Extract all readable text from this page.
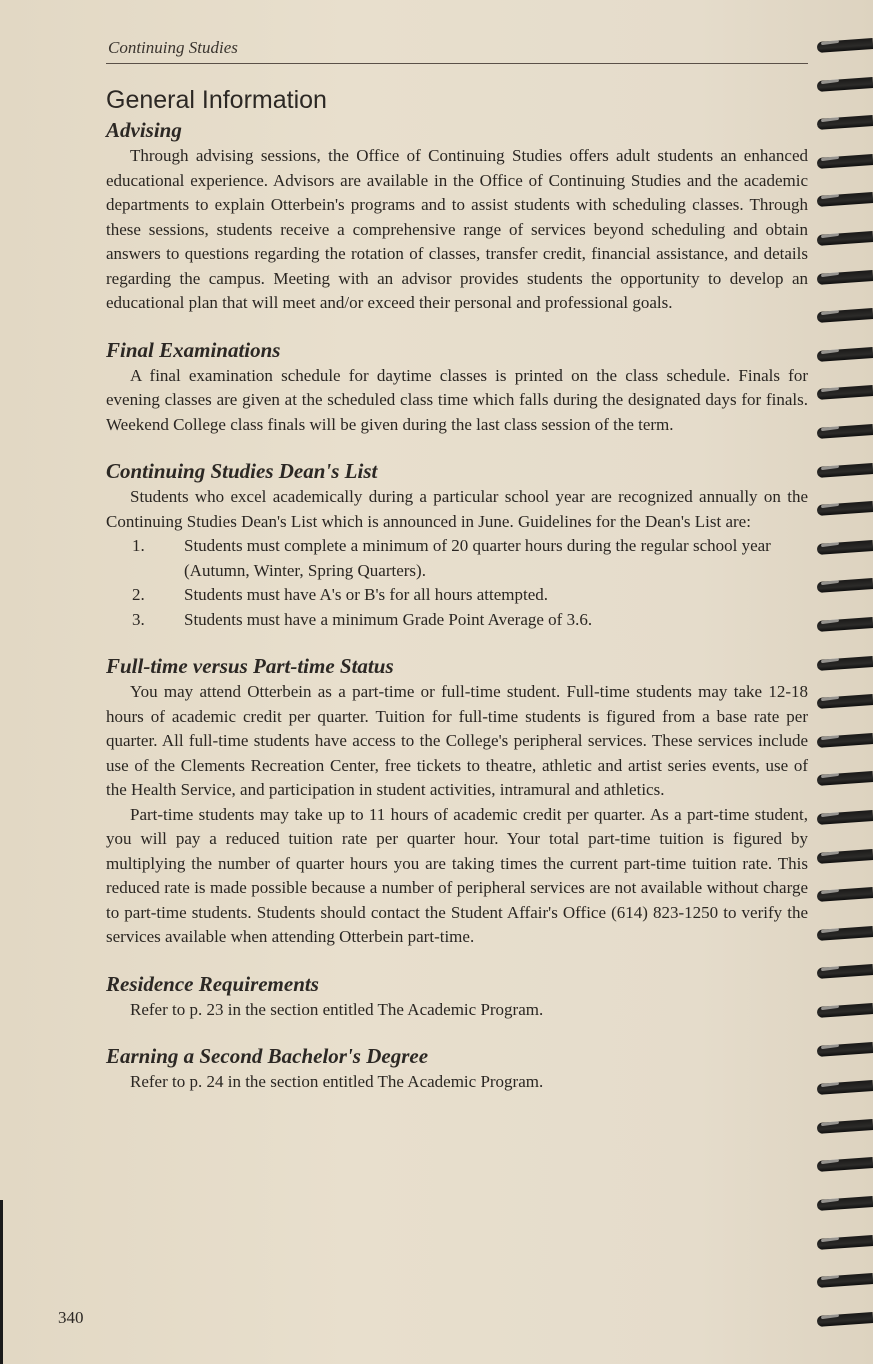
Continuing Studies
General Information
Advising

Through advising sessions, the Office of Continuing Studies offers adult students an enhanced educational experience. Advisors are available in the Office of Continuing Studies and the academic departments to explain Otterbein's programs and to assist students with scheduling classes. Through these sessions, students receive a comprehensive range of services beyond scheduling and obtain answers to questions regarding the rotation of classes, transfer credit, financial assistance, and details regarding the campus. Meeting with an advisor provides students the opportunity to develop an educational plan that will meet and/or exceed their personal and professional goals.

Final Examinations

A final examination schedule for daytime classes is printed on the class schedule. Finals for evening classes are given at the scheduled class time which falls during the designated days for finals. Weekend College class finals will be given during the last class session of the term.

Continuing Studies Dean's List

Students who excel academically during a particular school year are recognized annually on the Continuing Studies Dean's List which is announced in June. Guidelines for the Dean's List are:

1.	Students must complete a minimum of 20 quarter hours during the regular school year (Autumn, Winter, Spring Quarters).
2.	Students must have A's or B's for all hours attempted.
3.	Students must have a minimum Grade Point Average of 3.6.
Full-time versus Part-time Status

You may attend Otterbein as a part-time or full-time student. Full-time students may take 12-18 hours of academic credit per quarter. Tuition for full-time students is figured from a base rate per quarter. All full-time students have access to the College's peripheral services. These services include use of the Clements Recreation Center, free tickets to theatre, athletic and artist series events, use of the Health Service, and participation in student activities, intramural and athletics.

Part-time students may take up to 11 hours of academic credit per quarter. As a part-time student, you will pay a reduced tuition rate per quarter hour. Your total part-time tuition is figured by multiplying the number of quarter hours you are taking times the current part-time tuition rate. This reduced rate is made possible because a number of peripheral services are not available without charge to part-time students. Students should contact the Student Affair's Office (614) 823-1250 to verify the services available when attending Otterbein part-time.

Residence Requirements

Refer to p. 23 in the section entitled The Academic Program.

Earning a Second Bachelor's Degree

Refer to p. 24 in the section entitled The Academic Program.

340
